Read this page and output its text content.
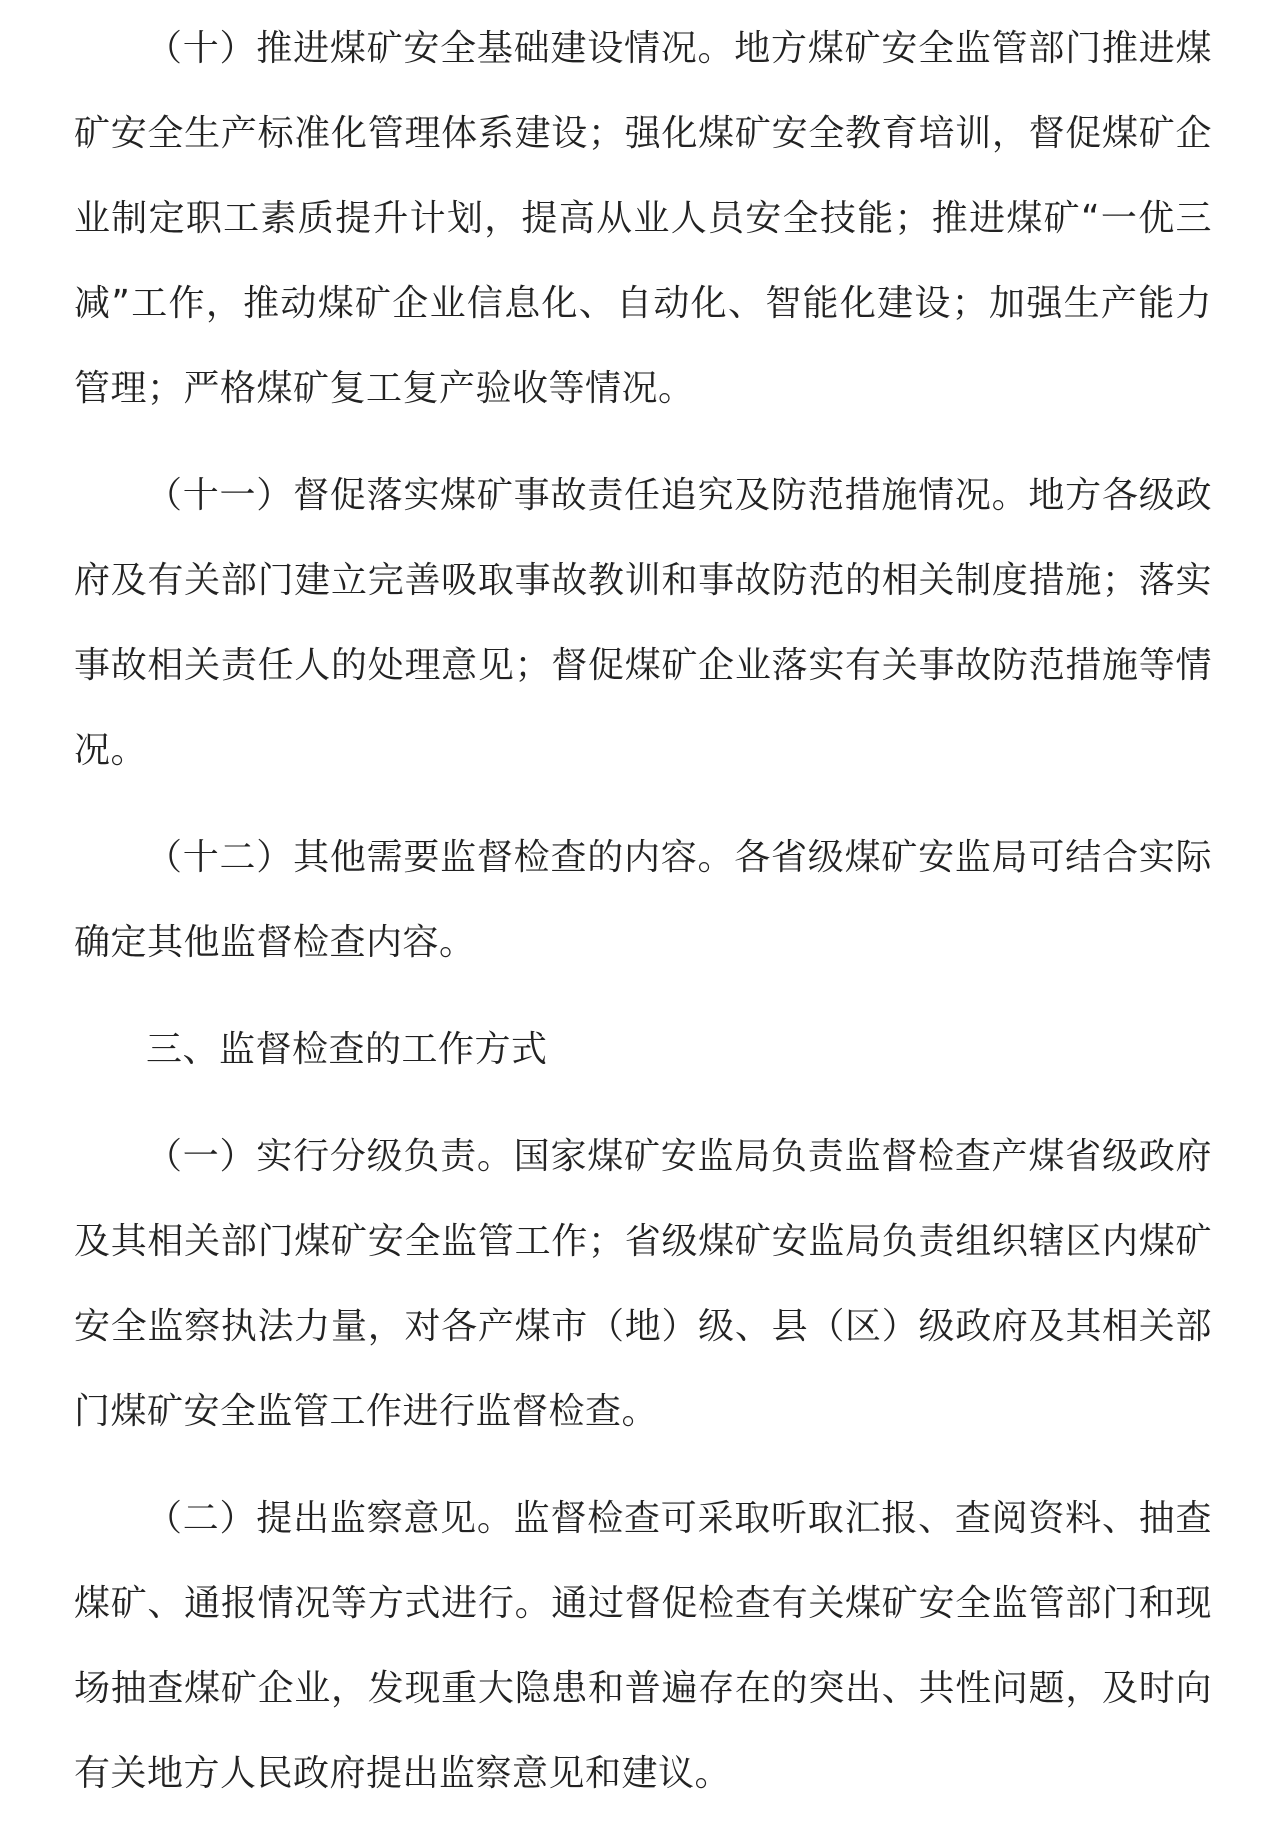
（十）推进煤矿安全基础建设情况。地方煤矿安全监管部门推进煤矿安全生产标准化管理体系建设；强化煤矿安全教育培训，督促煤矿企业制定职工素质提升计划，提高从业人员安全技能；推进煤矿“一优三减”工作，推动煤矿企业信息化、自动化、智能化建设；加强生产能力管理；严格煤矿复工复产验收等情况。

（十一）督促落实煤矿事故责任追究及防范措施情况。地方各级政府及有关部门建立完善吸取事故教训和事故防范的相关制度措施；落实事故相关责任人的处理意见；督促煤矿企业落实有关事故防范措施等情况。

（十二）其他需要监督检查的内容。各省级煤矿安监局可结合实际确定其他监督检查内容。

三、监督检查的工作方式

（一）实行分级负责。国家煤矿安监局负责监督检查产煤省级政府及其相关部门煤矿安全监管工作；省级煤矿安监局负责组织辖区内煤矿安全监察执法力量，对各产煤市（地）级、县（区）级政府及其相关部门煤矿安全监管工作进行监督检查。

（二）提出监察意见。监督检查可采取听取汇报、查阅资料、抽查煤矿、通报情况等方式进行。通过督促检查有关煤矿安全监管部门和现场抽查煤矿企业，发现重大隐患和普遍存在的突出、共性问题，及时向有关地方人民政府提出监察意见和建议。
